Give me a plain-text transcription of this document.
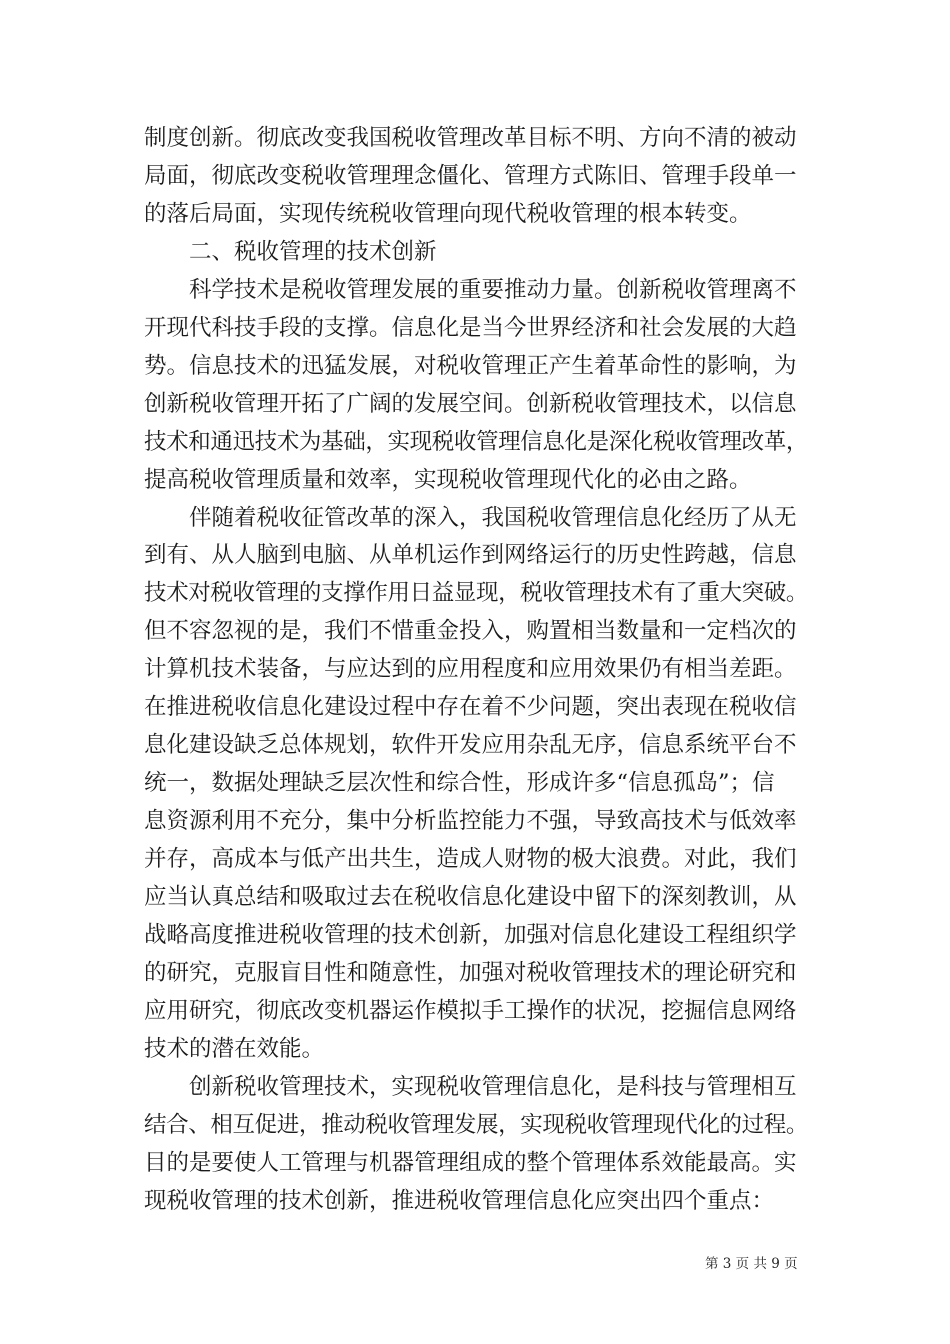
制度创新。彻底改变我国税收管理改革目标不明、方向不清的被动
局面，彻底改变税收管理理念僵化、管理方式陈旧、管理手段单一
的落后局面，实现传统税收管理向现代税收管理的根本转变。
　　二、税收管理的技术创新
　　科学技术是税收管理发展的重要推动力量。创新税收管理离不
开现代科技手段的支撑。信息化是当今世界经济和社会发展的大趋
势。信息技术的迅猛发展，对税收管理正产生着革命性的影响，为
创新税收管理开拓了广阔的发展空间。创新税收管理技术，以信息
技术和通迅技术为基础，实现税收管理信息化是深化税收管理改革，
提高税收管理质量和效率，实现税收管理现代化的必由之路。
　　伴随着税收征管改革的深入，我国税收管理信息化经历了从无
到有、从人脑到电脑、从单机运作到网络运行的历史性跨越，信息
技术对税收管理的支撑作用日益显现，税收管理技术有了重大突破。
但不容忽视的是，我们不惜重金投入，购置相当数量和一定档次的
计算机技术装备，与应达到的应用程度和应用效果仍有相当差距。
在推进税收信息化建设过程中存在着不少问题，突出表现在税收信
息化建设缺乏总体规划，软件开发应用杂乱无序，信息系统平台不
统一，数据处理缺乏层次性和综合性，形成许多“信息孤岛”；信
息资源利用不充分，集中分析监控能力不强，导致高技术与低效率
并存，高成本与低产出共生，造成人财物的极大浪费。对此，我们
应当认真总结和吸取过去在税收信息化建设中留下的深刻教训，从
战略高度推进税收管理的技术创新，加强对信息化建设工程组织学
的研究，克服盲目性和随意性，加强对税收管理技术的理论研究和
应用研究，彻底改变机器运作模拟手工操作的状况，挖掘信息网络
技术的潜在效能。
　　创新税收管理技术，实现税收管理信息化，是科技与管理相互
结合、相互促进，推动税收管理发展，实现税收管理现代化的过程。
目的是要使人工管理与机器管理组成的整个管理体系效能最高。实
现税收管理的技术创新，推进税收管理信息化应突出四个重点：
第 3 页 共 9 页
